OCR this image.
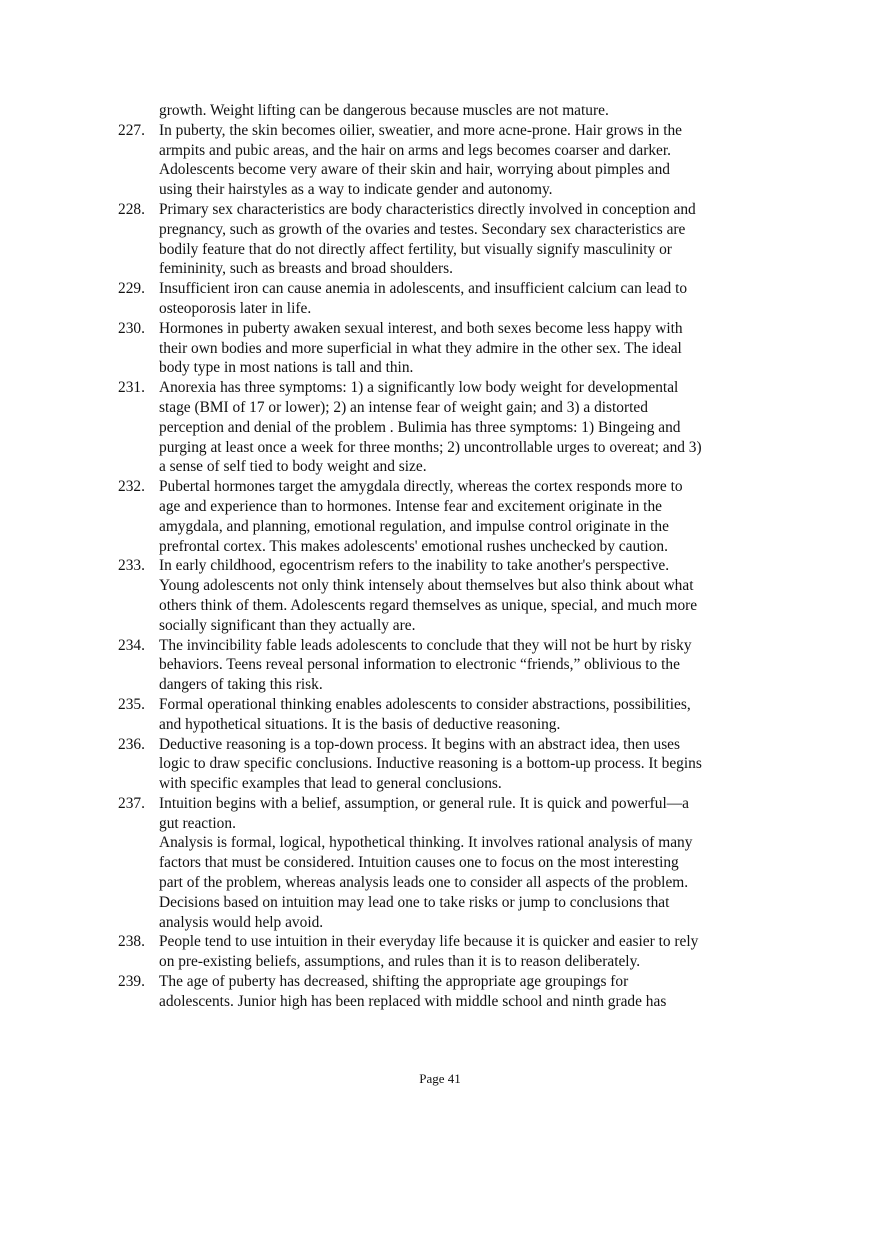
growth. Weight lifting can be dangerous because muscles are not mature.
227. In puberty, the skin becomes oilier, sweatier, and more acne-prone. Hair grows in the
armpits and pubic areas, and the hair on arms and legs becomes coarser and darker.
Adolescents become very aware of their skin and hair, worrying about pimples and
using their hairstyles as a way to indicate gender and autonomy.
228. Primary sex characteristics are body characteristics directly involved in conception and
pregnancy, such as growth of the ovaries and testes. Secondary sex characteristics are
bodily feature that do not directly affect fertility, but visually signify masculinity or
femininity, such as breasts and broad shoulders.
229. Insufficient iron can cause anemia in adolescents, and insufficient calcium can lead to
osteoporosis later in life.
230. Hormones in puberty awaken sexual interest, and both sexes become less happy with
their own bodies and more superficial in what they admire in the other sex. The ideal
body type in most nations is tall and thin.
231. Anorexia has three symptoms: 1) a significantly low body weight for developmental
stage (BMI of 17 or lower); 2) an intense fear of weight gain; and 3) a distorted
perception and denial of the problem . Bulimia has three symptoms: 1) Bingeing and
purging at least once a week for three months; 2) uncontrollable urges to overeat; and 3)
a sense of self tied to body weight and size.
232. Pubertal hormones target the amygdala directly, whereas the cortex responds more to
age and experience than to hormones. Intense fear and excitement originate in the
amygdala, and planning, emotional regulation, and impulse control originate in the
prefrontal cortex. This makes adolescents' emotional rushes unchecked by caution.
233. In early childhood, egocentrism refers to the inability to take another's perspective.
Young adolescents not only think intensely about themselves but also think about what
others think of them. Adolescents regard themselves as unique, special, and much more
socially significant than they actually are.
234. The invincibility fable leads adolescents to conclude that they will not be hurt by risky
behaviors. Teens reveal personal information to electronic “friends,” oblivious to the
dangers of taking this risk.
235. Formal operational thinking enables adolescents to consider abstractions, possibilities,
and hypothetical situations. It is the basis of deductive reasoning.
236. Deductive reasoning is a top-down process. It begins with an abstract idea, then uses
logic to draw specific conclusions. Inductive reasoning is a bottom-up process. It begins
with specific examples that lead to general conclusions.
237. Intuition begins with a belief, assumption, or general rule. It is quick and powerful—a
gut reaction.
Analysis is formal, logical, hypothetical thinking. It involves rational analysis of many
factors that must be considered. Intuition causes one to focus on the most interesting
part of the problem, whereas analysis leads one to consider all aspects of the problem.
Decisions based on intuition may lead one to take risks or jump to conclusions that
analysis would help avoid.
238. People tend to use intuition in their everyday life because it is quicker and easier to rely
on pre-existing beliefs, assumptions, and rules than it is to reason deliberately.
239. The age of puberty has decreased, shifting the appropriate age groupings for
adolescents. Junior high has been replaced with middle school and ninth grade has
Page 41
